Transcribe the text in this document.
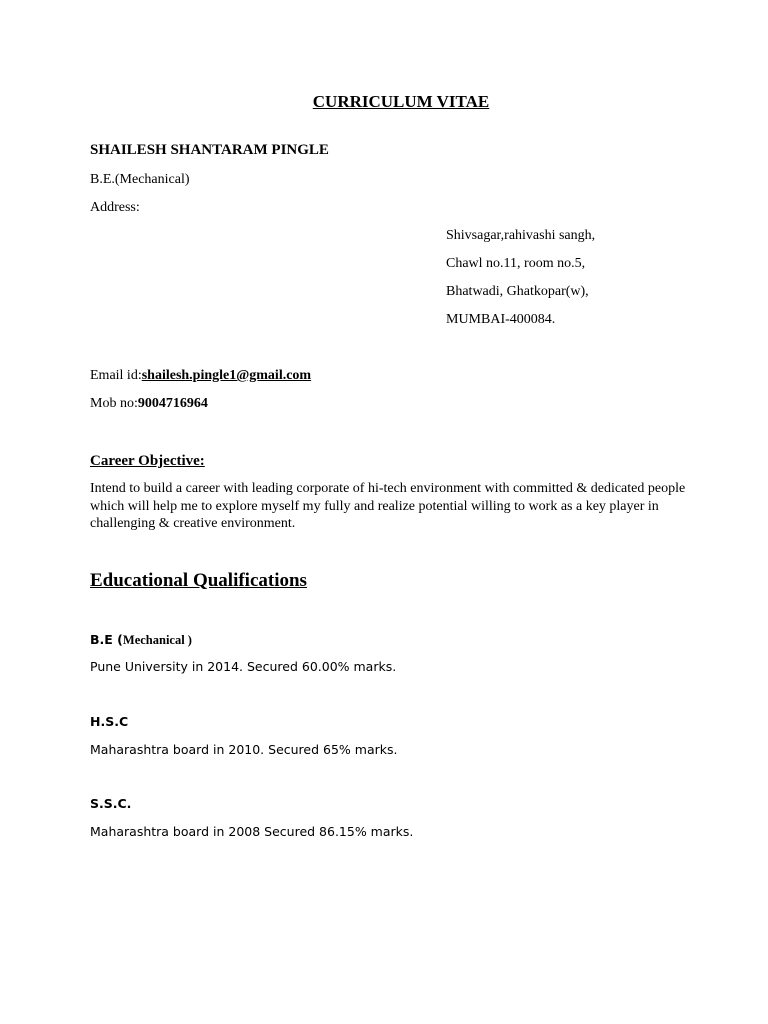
CURRICULUM VITAE
SHAILESH SHANTARAM PINGLE
B.E.(Mechanical)
Address:
Shivsagar,rahivashi sangh,
Chawl no.11, room no.5,
Bhatwadi, Ghatkopar(w),
MUMBAI-400084.
Email id:shailesh.pingle1@gmail.com
Mob no:9004716964
Career Objective:

Intend to build a career with leading corporate of hi-tech environment with committed & dedicated people which will help me to explore myself my fully and realize potential willing to work as a key player in challenging & creative environment.

Educational Qualifications
B.E (Mechanical )
Pune University in 2014. Secured 60.00% marks.
H.S.C
Maharashtra board in 2010. Secured 65% marks.
S.S.C.
Maharashtra board in 2008 Secured 86.15% marks.
